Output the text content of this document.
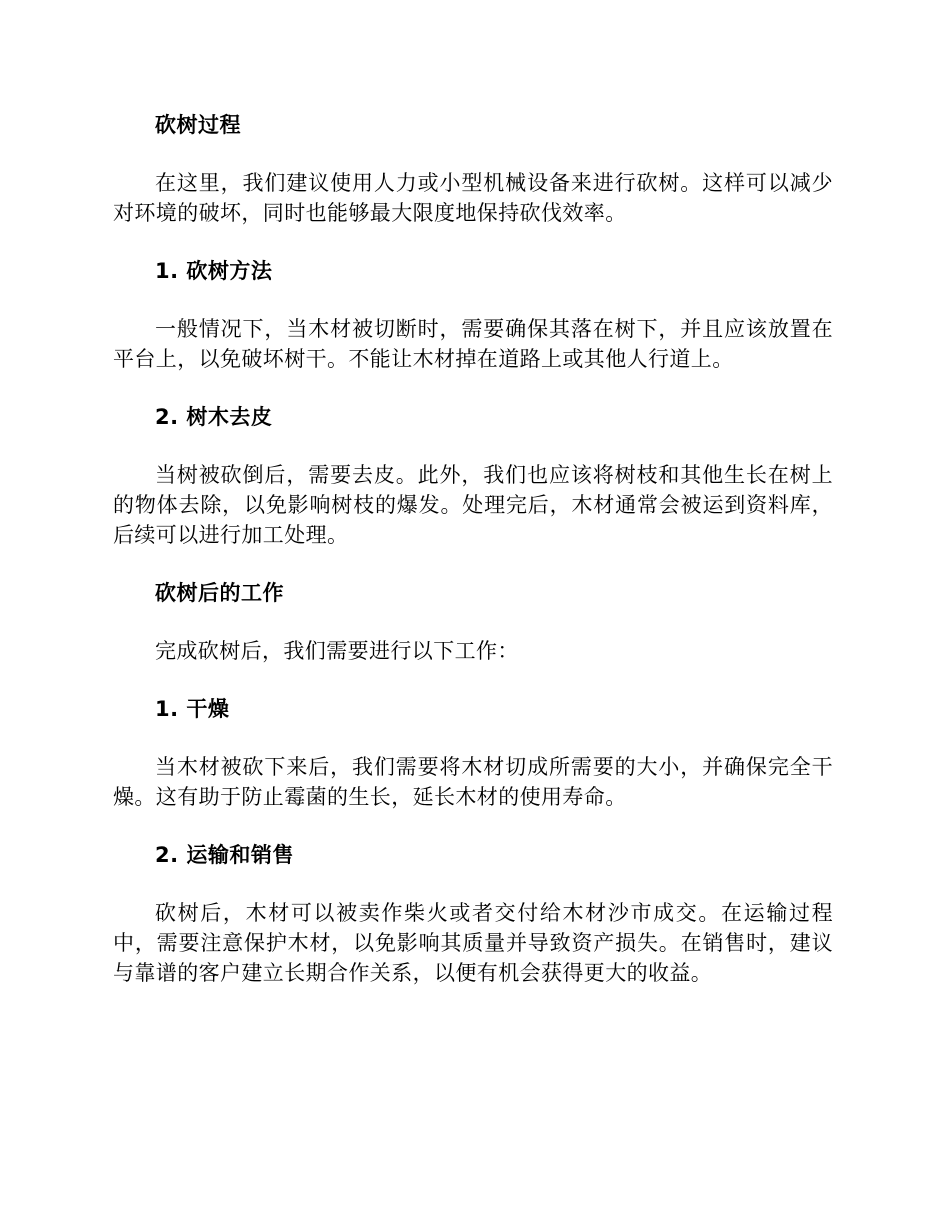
砍树过程

在这里，我们建议使用人力或小型机械设备来进行砍树。这样可以减少对环境的破坏，同时也能够最大限度地保持砍伐效率。

1. 砍树方法

一般情况下，当木材被切断时，需要确保其落在树下，并且应该放置在平台上，以免破坏树干。不能让木材掉在道路上或其他人行道上。

2. 树木去皮

当树被砍倒后，需要去皮。此外，我们也应该将树枝和其他生长在树上的物体去除，以免影响树枝的爆发。处理完后，木材通常会被运到资料库，后续可以进行加工处理。

砍树后的工作

完成砍树后，我们需要进行以下工作：

1. 干燥

当木材被砍下来后，我们需要将木材切成所需要的大小，并确保完全干燥。这有助于防止霉菌的生长，延长木材的使用寿命。

2. 运输和销售

砍树后，木材可以被卖作柴火或者交付给木材沙市成交。在运输过程中，需要注意保护木材，以免影响其质量并导致资产损失。在销售时，建议与靠谱的客户建立长期合作关系，以便有机会获得更大的收益。
